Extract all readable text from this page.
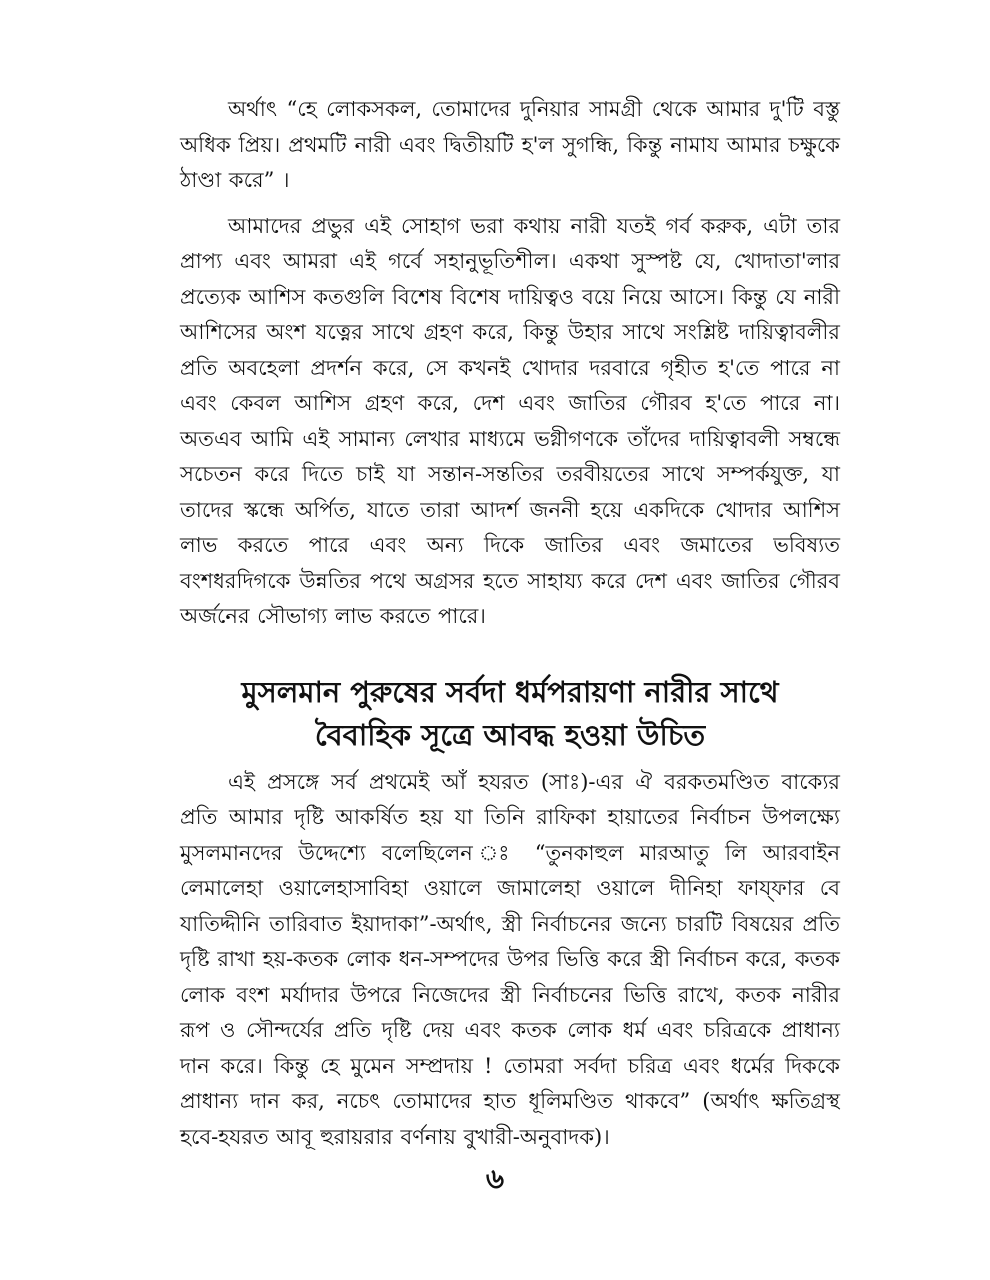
অর্থাৎ “হে লোকসকল, তোমাদের দুনিয়ার সামগ্রী থেকে আমার দু'টি বস্তু অধিক প্রিয়। প্রথমটি নারী এবং দ্বিতীয়টি হ'ল সুগন্ধি, কিন্তু নামায আমার চক্ষুকে ঠাণ্ডা করে” ।

আমাদের প্রভুর এই সোহাগ ভরা কথায় নারী যতই গর্ব করুক, এটা তার প্রাপ্য এবং আমরা এই গর্বে সহানুভূতিশীল। একথা সুস্পষ্ট যে, খোদাতা'লার প্রত্যেক আশিস কতগুলি বিশেষ বিশেষ দায়িত্বও বয়ে নিয়ে আসে। কিন্তু যে নারী আশিসের অংশ যত্নের সাথে গ্রহণ করে, কিন্তু উহার সাথে সংশ্লিষ্ট দায়িত্বাবলীর প্রতি অবহেলা প্রদর্শন করে, সে কখনই খোদার দরবারে গৃহীত হ'তে পারে না এবং কেবল আশিস গ্রহণ করে, দেশ এবং জাতির গৌরব হ'তে পারে না। অতএব আমি এই সামান্য লেখার মাধ্যমে ভগ্নীগণকে তাঁদের দায়িত্বাবলী সম্বন্ধে সচেতন করে দিতে চাই যা সন্তান-সন্ততির তরবীয়তের সাথে সম্পর্কযুক্ত, যা তাদের স্কন্ধে অর্পিত, যাতে তারা আদর্শ জননী হয়ে একদিকে খোদার আশিস লাভ করতে পারে এবং অন্য দিকে জাতির এবং জমাতের ভবিষ্যত বংশধরদিগকে উন্নতির পথে অগ্রসর হতে সাহায্য করে দেশ এবং জাতির গৌরব অর্জনের সৌভাগ্য লাভ করতে পারে।

মুসলমান পুরুষের সর্বদা ধর্মপরায়ণা নারীর সাথে
বৈবাহিক সূত্রে আবদ্ধ হওয়া উচিত

এই প্রসঙ্গে সর্ব প্রথমেই আঁ হযরত (সাঃ)-এর ঐ বরকতমণ্ডিত বাক্যের প্রতি আমার দৃষ্টি আকর্ষিত হয় যা তিনি রাফিকা হায়াতের নির্বাচন উপলক্ষ্যে মুসলমানদের উদ্দেশ্যে বলেছিলেন ঃ “তুনকাহুল মারআতু লি আরবাইন লেমালেহা ওয়ালেহাসাবিহা ওয়ালে জামালেহা ওয়ালে দীনিহা ফায্‌ফার বে যাতিদ্দীনি তারিবাত ইয়াদাকা”-অর্থাৎ, স্ত্রী নির্বাচনের জন্যে চারটি বিষয়ের প্রতি দৃষ্টি রাখা হয়-কতক লোক ধন-সম্পদের উপর ভিত্তি করে স্ত্রী নির্বাচন করে, কতক লোক বংশ মর্যাদার উপরে নিজেদের স্ত্রী নির্বাচনের ভিত্তি রাখে, কতক নারীর রূপ ও সৌন্দর্যের প্রতি দৃষ্টি দেয় এবং কতক লোক ধর্ম এবং চরিত্রকে প্রাধান্য দান করে। কিন্তু হে মুমেন সম্প্রদায় ! তোমরা সর্বদা চরিত্র এবং ধর্মের দিককে প্রাধান্য দান কর, নচেৎ তোমাদের হাত ধূলিমণ্ডিত থাকবে” (অর্থাৎ ক্ষতিগ্রস্থ হবে-হযরত আবূ হুরায়রার বর্ণনায় বুখারী-অনুবাদক)।

৬
